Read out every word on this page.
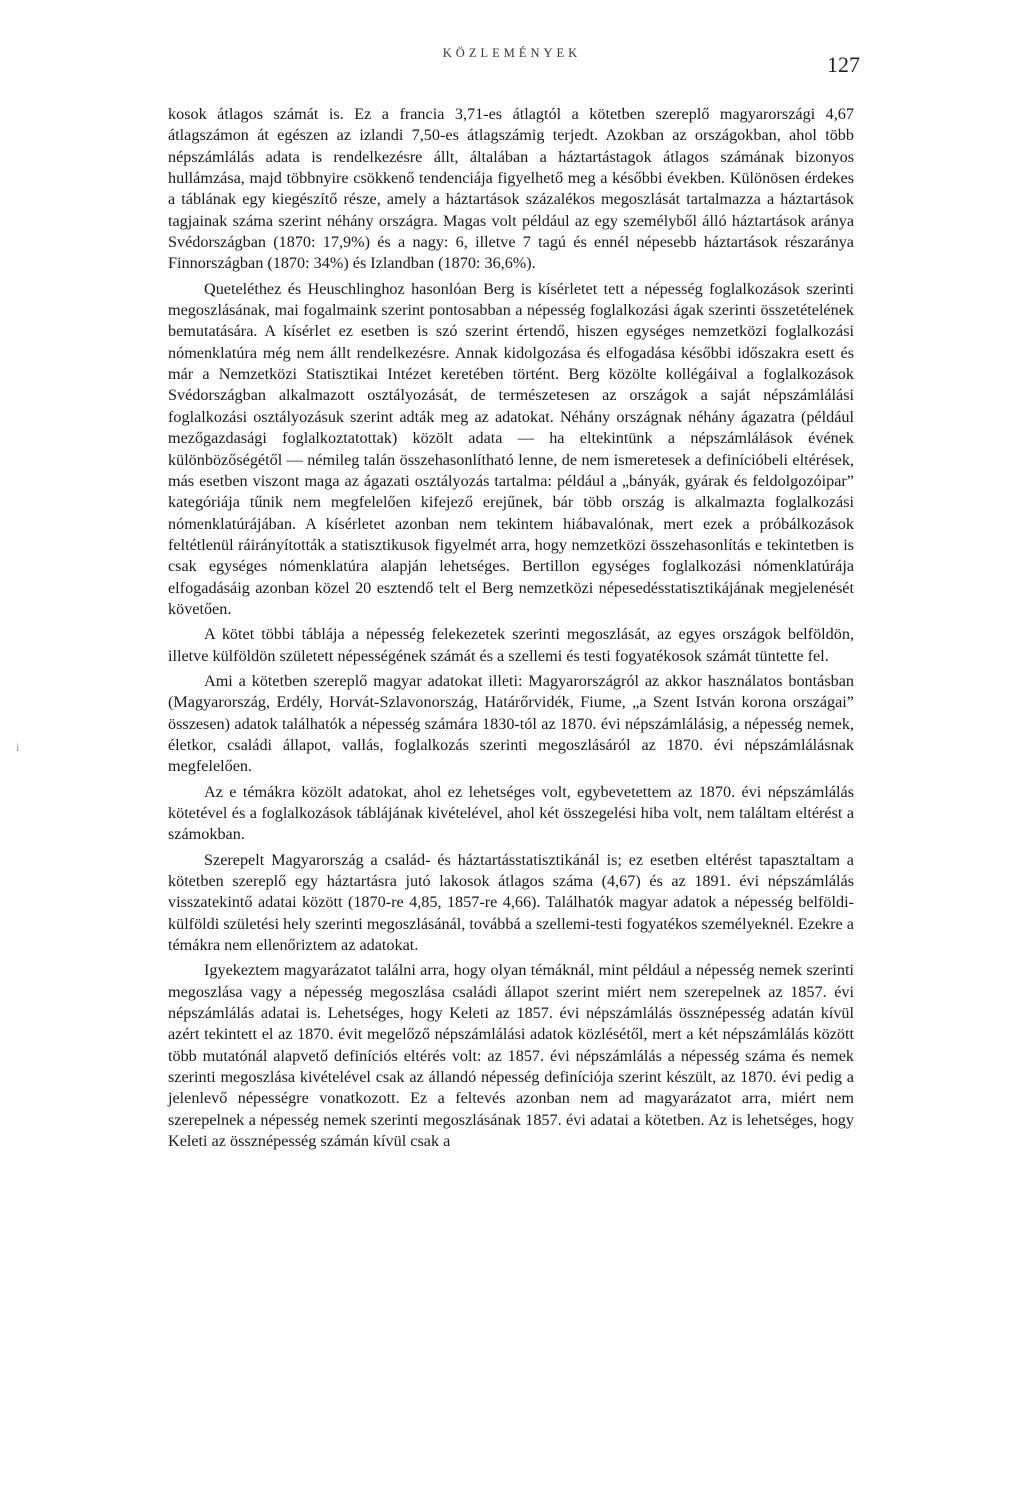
KÖZLEMÉNYEK	127
i

kosok átlagos számát is. Ez a francia 3,71-es átlagtól a kötetben szereplő magyarországi 4,67 átlagszámon át egészen az izlandi 7,50-es átlagszámig terjedt. Azokban az országokban, ahol több népszámlálás adata is rendelkezésre állt, általában a háztartástagok átlagos számának bizonyos hullámzása, majd többnyire csökkenő tendenciája figyelhető meg a későbbi években. Különösen érdekes a táblának egy kiegészítő része, amely a háztartások százalékos megoszlását tartalmazza a háztartások tagjainak száma szerint néhány országra. Magas volt például az egy személyből álló háztartások aránya Svédországban (1870: 17,9%) és a nagy: 6, illetve 7 tagú és ennél népesebb háztartások részaránya Finnországban (1870: 34%) és Izlandban (1870: 36,6%).

Queteléthez és Heuschlinghoz hasonlóan Berg is kísérletet tett a népesség foglalkozások szerinti megoszlásának, mai fogalmaink szerint pontosabban a népesség foglalkozási ágak szerinti összetételének bemutatására. A kísérlet ez esetben is szó szerint értendő, hiszen egységes nemzetközi foglalkozási nómenklatúra még nem állt rendelkezésre. Annak kidolgozása és elfogadása későbbi időszakra esett és már a Nemzetközi Statisztikai Intézet keretében történt. Berg közölte kollégáival a foglalkozások Svédországban alkalmazott osztályozását, de természetesen az országok a saját népszámlálási foglalkozási osztályozásuk szerint adták meg az adatokat. Néhány országnak néhány ágazatra (például mezőgazdasági foglalkoztatottak) közölt adata — ha eltekintünk a népszámlálások évének különbözőségétől — némileg talán összehasonlítható lenne, de nem ismeretesek a definícióbeli eltérések, más esetben viszont maga az ágazati osztályozás tartalma: például a „bányák, gyárak és feldolgozóipar” kategóriája tűnik nem megfelelően kifejező erejűnek, bár több ország is alkalmazta foglalkozási nómenklatúrájában. A kísérletet azonban nem tekintem hiábavalónak, mert ezek a próbálkozások feltétlenül ráirányították a statisztikusok figyelmét arra, hogy nemzetközi összehasonlítás e tekintetben is csak egységes nómenklatúra alapján lehetséges. Bertillon egységes foglalkozási nómenklatúrája elfogadásáig azonban közel 20 esztendő telt el Berg nemzetközi népesedésstatisztikájának megjelenését követően.

A kötet többi táblája a népesség felekezetek szerinti megoszlását, az egyes országok belföldön, illetve külföldön született népességének számát és a szellemi és testi fogyatékosok számát tüntette fel.

Ami a kötetben szereplő magyar adatokat illeti: Magyarországról az akkor használatos bontásban (Magyarország, Erdély, Horvát-Szlavonország, Határőrvidék, Fiume, „a Szent István korona országai” összesen) adatok találhatók a népesség számára 1830-tól az 1870. évi népszámlálásig, a népesség nemek, életkor, családi állapot, vallás, foglalkozás szerinti megoszlásáról az 1870. évi népszámlálásnak megfelelően.

Az e témákra közölt adatokat, ahol ez lehetséges volt, egybevetettem az 1870. évi népszámlálás kötetével és a foglalkozások táblájának kivételével, ahol két összegelési hiba volt, nem találtam eltérést a számokban.

Szerepelt Magyarország a család- és háztartásstatisztikánál is; ez esetben eltérést tapasztaltam a kötetben szereplő egy háztartásra jutó lakosok átlagos száma (4,67) és az 1891. évi népszámlálás visszatekintő adatai között (1870-re 4,85, 1857-re 4,66). Találhatók magyar adatok a népesség belföldi-külföldi születési hely szerinti megoszlásánál, továbbá a szellemi-testi fogyatékos személyeknél. Ezekre a témákra nem ellenőriztem az adatokat.

Igyekeztem magyarázatot találni arra, hogy olyan témáknál, mint például a népesség nemek szerinti megoszlása vagy a népesség megoszlása családi állapot szerint miért nem szerepelnek az 1857. évi népszámlálás adatai is. Lehetséges, hogy Keleti az 1857. évi népszámlálás össznépesség adatán kívül azért tekintett el az 1870. évit megelőző népszámlálási adatok közlésétől, mert a két népszámlálás között több mutatónál alapvető definíciós eltérés volt: az 1857. évi népszámlálás a népesség száma és nemek szerinti megoszlása kivételével csak az állandó népesség definíciója szerint készült, az 1870. évi pedig a jelenlevő népességre vonatkozott. Ez a feltevés azonban nem ad magyarázatot arra, miért nem szerepelnek a népesség nemek szerinti megoszlásának 1857. évi adatai a kötetben. Az is lehetséges, hogy Keleti az össznépesség számán kívül csak a
